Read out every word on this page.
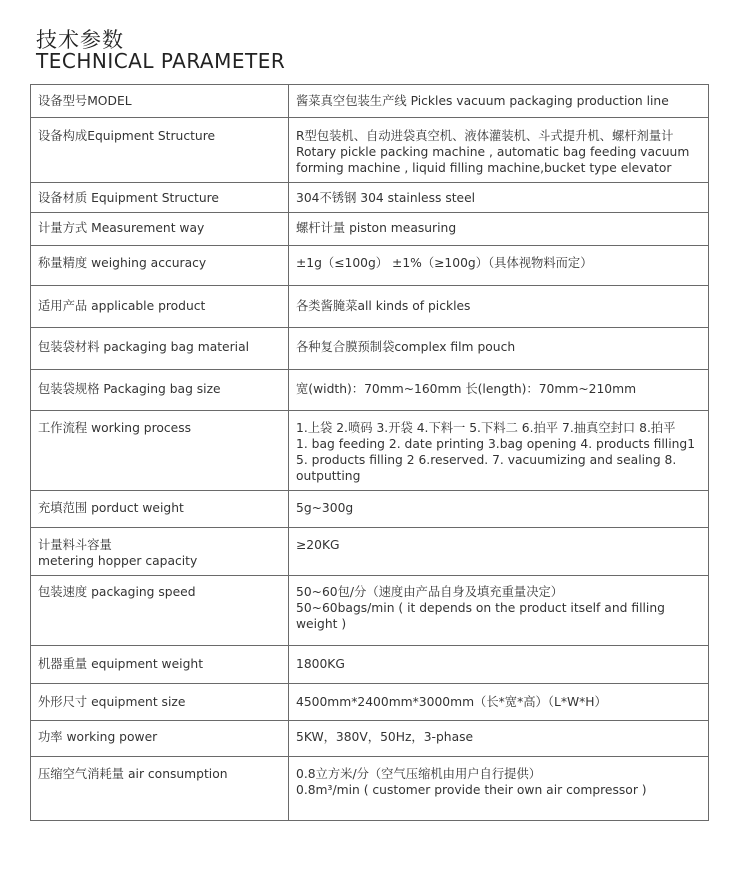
技术参数
TECHNICAL PARAMETER
设备型号MODEL	酱菜真空包装生产线 Pickles vacuum packaging production line

设备构成Equipment Structure	R型包装机、自动进袋真空机、液体灌装机、斗式提升机、螺杆剂量计
Rotary pickle packing machine , automatic bag feeding vacuum forming machine , liquid filling machine,bucket type elevator

设备材质 Equipment Structure	304不锈钢 304 stainless steel

计量方式 Measurement way	螺杆计量 piston measuring

称量精度 weighing accuracy	±1g（≤100g） ±1%（≥100g）（具体视物料而定）

适用产品 applicable product	各类酱腌菜all kinds of pickles

包装袋材料 packaging bag material	各种复合膜预制袋complex film pouch

包装袋规格 Packaging bag size	宽(width)：70mm~160mm 长(length)：70mm~210mm

工作流程 working process	1.上袋 2.喷码 3.开袋 4.下料一 5.下料二 6.拍平 7.抽真空封口 8.拍平
1. bag feeding 2. date printing 3.bag opening 4. products filling1 5. products filling 2 6.reserved. 7. vacuumizing and sealing 8. outputting

充填范围 porduct weight	5g~300g

计量料斗容量
metering hopper capacity	≥20KG

包装速度 packaging speed	50~60包/分（速度由产品自身及填充重量决定）
50~60bags/min ( it depends on the product itself and filling weight )

机器重量 equipment weight	1800KG

外形尺寸 equipment size	4500mm*2400mm*3000mm（长*宽*高）（L*W*H）

功率 working power	5KW，380V，50Hz，3-phase

压缩空气消耗量 air consumption	0.8立方米/分（空气压缩机由用户自行提供）
0.8m³/min ( customer provide their own air compressor )
